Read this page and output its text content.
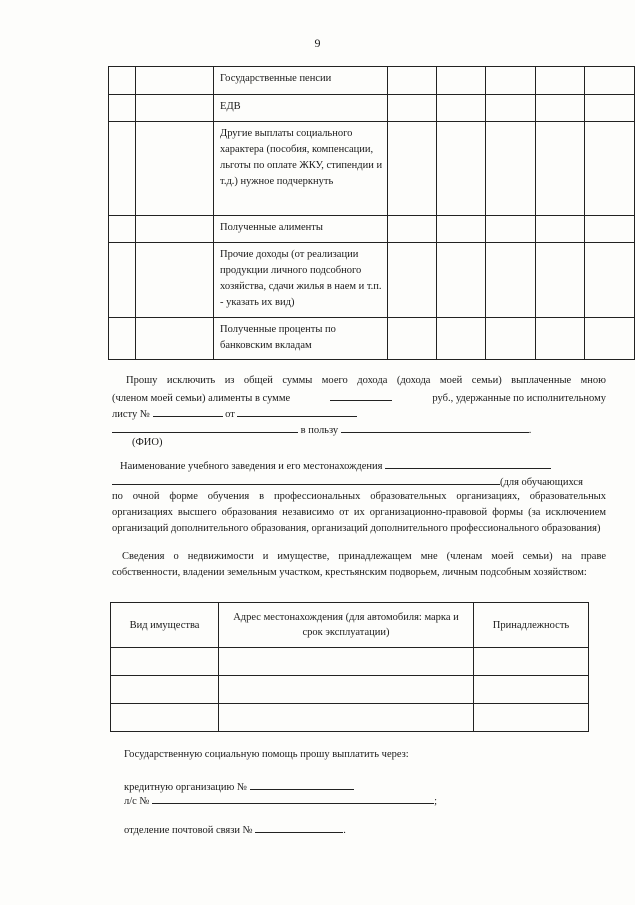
9
		Государственные пенсии					
		ЕДВ					
		Другие выплаты социального характера (пособия, компенсации, льготы по оплате ЖКУ, стипендии и т.д.) нужное подчеркнуть					
		Полученные алименты					
		Прочие доходы (от реализации продукции личного подсобного хозяйства, сдачи жилья в наем и т.п. - указать их вид)					
		Полученные проценты по банковским вкладам					
Прошу исключить из общей суммы моего дохода (дохода моей семьи) выплаченные мною
(членом моей семьи) алименты в сумме	руб., удержанные по исполнительному
листу №	от
в пользу	.
(ФИО)
Наименование учебного заведения и его местонахождения
(для обучающихся
по очной форме обучения в профессиональных образовательных организациях, образовательных организациях высшего образования независимо от их организационно-правовой формы (за исключением организаций дополнительного образования, организаций дополнительного профессионального образования)
Сведения о недвижимости и имуществе, принадлежащем мне (членам моей семьи) на праве собственности, владении земельным участком, крестьянским подворьем, личным подсобным хозяйством:
Вид имущества	Адрес местонахождения (для автомобиля: марка и срок эксплуатации)	Принадлежность

Государственную социальную помощь прошу выплатить через:
кредитную организацию №
л/с №	;
отделение почтовой связи №	.
